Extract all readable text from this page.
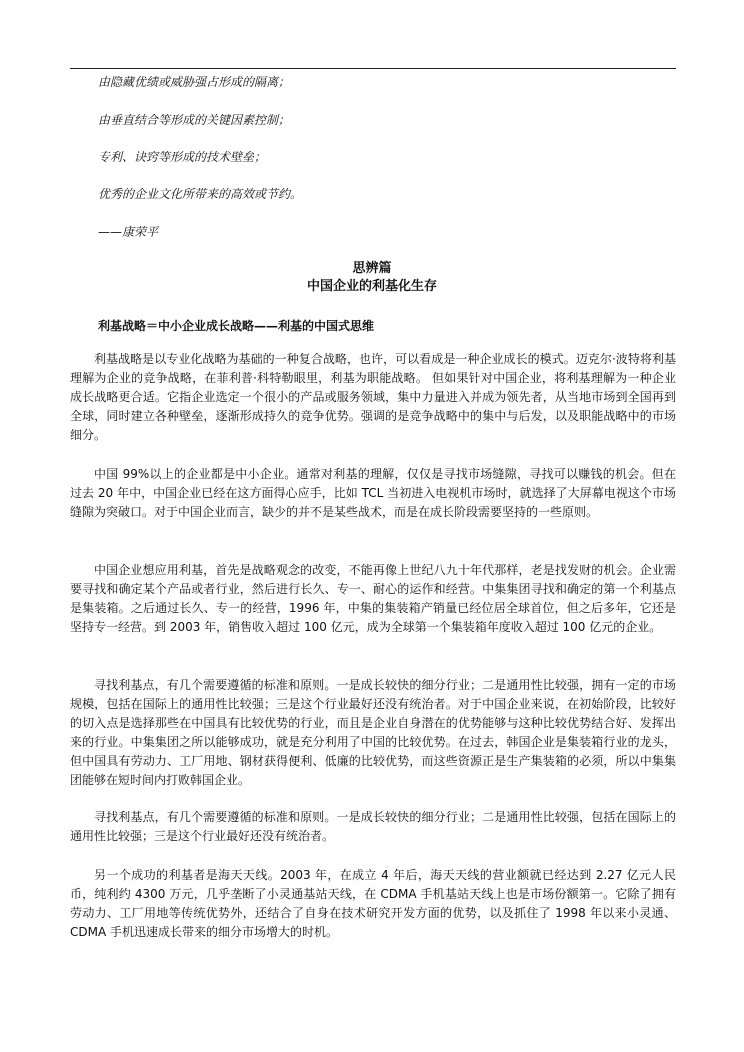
由隐藏优绩或威胁强占形成的隔离；
由垂直结合等形成的关键因素控制；
专利、诀窍等形成的技术壁垒；
优秀的企业文化所带来的高效或节约。
——康荣平
思辨篇
中国企业的利基化生存
利基战略＝中小企业成长战略——利基的中国式思维
利基战略是以专业化战略为基础的一种复合战略，也许，可以看成是一种企业成长的模式。迈克尔·波特将利基理解为企业的竞争战略，在菲利普·科特勒眼里，利基为职能战略。 但如果针对中国企业，将利基理解为一种企业成长战略更合适。它指企业选定一个很小的产品或服务领域，集中力量进入并成为领先者，从当地市场到全国再到全球，同时建立各种壁垒，逐渐形成持久的竞争优势。强调的是竞争战略中的集中与后发，以及职能战略中的市场细分。
中国 99%以上的企业都是中小企业。通常对利基的理解，仅仅是寻找市场缝隙，寻找可以赚钱的机会。但在过去 20 年中，中国企业已经在这方面得心应手，比如 TCL 当初进入电视机市场时，就选择了大屏幕电视这个市场缝隙为突破口。对于中国企业而言，缺少的并不是某些战术，而是在成长阶段需要坚持的一些原则。
中国企业想应用利基，首先是战略观念的改变，不能再像上世纪八九十年代那样，老是找发财的机会。企业需要寻找和确定某个产品或者行业，然后进行长久、专一、耐心的运作和经营。中集集团寻找和确定的第一个利基点是集装箱。之后通过长久、专一的经营，1996 年，中集的集装箱产销量已经位居全球首位，但之后多年，它还是坚持专一经营。到 2003 年，销售收入超过 100 亿元，成为全球第一个集装箱年度收入超过 100 亿元的企业。
寻找利基点，有几个需要遵循的标准和原则。一是成长较快的细分行业；二是通用性比较强，拥有一定的市场规模，包括在国际上的通用性比较强；三是这个行业最好还没有统治者。对于中国企业来说，在初始阶段，比较好的切入点是选择那些在中国具有比较优势的行业，而且是企业自身潜在的优势能够与这种比较优势结合好、发挥出来的行业。中集集团之所以能够成功，就是充分利用了中国的比较优势。在过去，韩国企业是集装箱行业的龙头，但中国具有劳动力、工厂用地、钢材获得便利、低廉的比较优势，而这些资源正是生产集装箱的必须，所以中集集团能够在短时间内打败韩国企业。
寻找利基点，有几个需要遵循的标准和原则。一是成长较快的细分行业；二是通用性比较强，包括在国际上的通用性比较强；三是这个行业最好还没有统治者。
另一个成功的利基者是海天天线。2003 年，在成立 4 年后，海天天线的营业额就已经达到 2.27 亿元人民币，纯利约 4300 万元，几乎垄断了小灵通基站天线，在 CDMA 手机基站天线上也是市场份额第一。它除了拥有劳动力、工厂用地等传统优势外，还结合了自身在技术研究开发方面的优势，以及抓住了 1998 年以来小灵通、CDMA 手机迅速成长带来的细分市场增大的时机。
